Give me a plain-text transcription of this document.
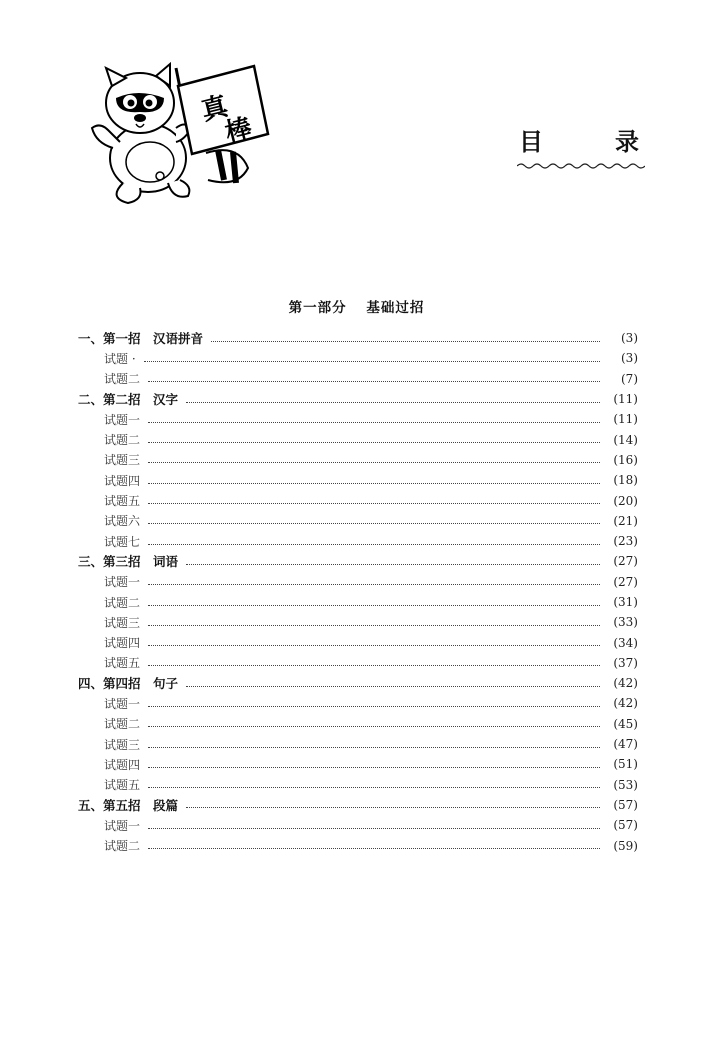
真
棒	目	录
第一部分 基础过招
一、第一招　汉语拼音	(3)
试题 ·	(3)
试题二	(7)
二、第二招　汉字	(11)
试题一	(11)
试题二	(14)
试题三	(16)
试题四	(18)
试题五	(20)
试题六	(21)
试题七	(23)
三、第三招　词语	(27)
试题一	(27)
试题二	(31)
试题三	(33)
试题四	(34)
试题五	(37)
四、第四招　句子	(42)
试题一	(42)
试题二	(45)
试题三	(47)
试题四	(51)
试题五	(53)
五、第五招　段篇	(57)
试题一	(57)
试题二	(59)
